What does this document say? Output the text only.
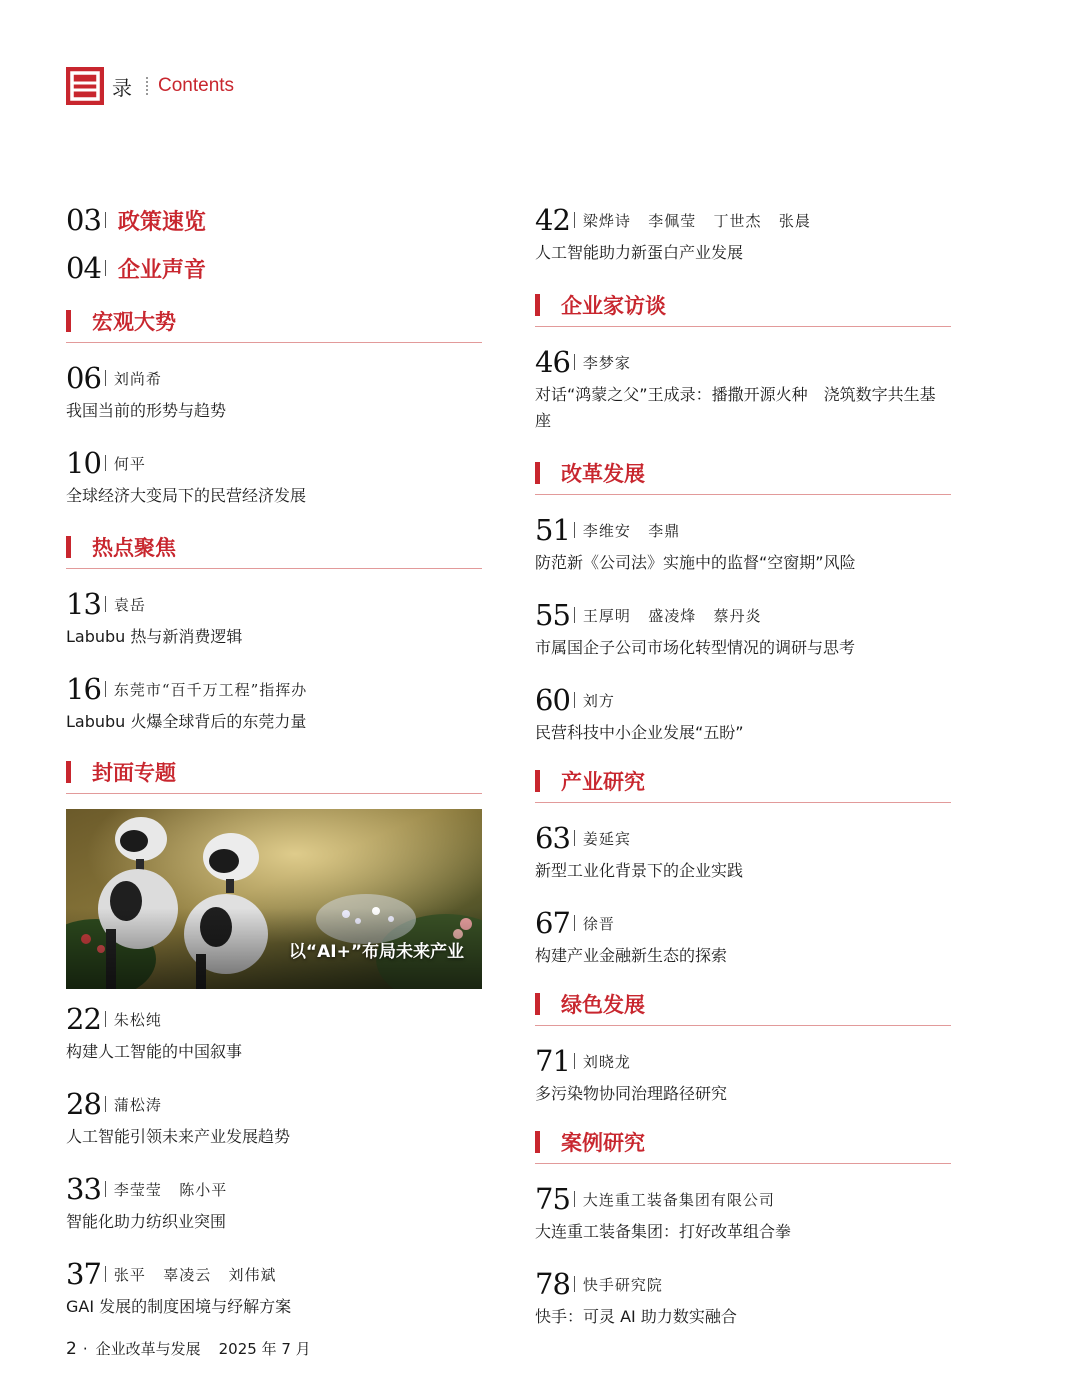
录 Contents
03 政策速览
04 企业声音
宏观大势
06 刘尚希
我国当前的形势与趋势
10 何平
全球经济大变局下的民营经济发展
热点聚焦
13 袁岳
Labubu 热与新消费逻辑
16 东莞市“百千万工程”指挥办
Labubu 火爆全球背后的东莞力量
封面专题
以“AI+”布局未来产业
22 朱松纯
构建人工智能的中国叙事
28 蒲松涛
人工智能引领未来产业发展趋势
33 李莹莹   陈小平
智能化助力纺织业突围
37 张平   辜凌云   刘伟斌
GAI 发展的制度困境与纾解方案
42 梁烨诗   李佩莹   丁世杰   张晨
人工智能助力新蛋白产业发展
企业家访谈
46 李梦家
对话“鸿蒙之父”王成录：播撒开源火种　浇筑数字共生基座
改革发展
51 李维安   李鼎
防范新《公司法》实施中的监督“空窗期”风险
55 王厚明   盛凌烽   蔡丹炎
市属国企子公司市场化转型情况的调研与思考
60 刘方
民营科技中小企业发展“五盼”
产业研究
63 姜延宾
新型工业化背景下的企业实践
67 徐晋
构建产业金融新生态的探索
绿色发展
71 刘晓龙
多污染物协同治理路径研究
案例研究
75 大连重工装备集团有限公司
大连重工装备集团：打好改革组合拳
78 快手研究院
快手：可灵 AI 助力数实融合
2 · 企业改革与发展 2025 年 7 月
